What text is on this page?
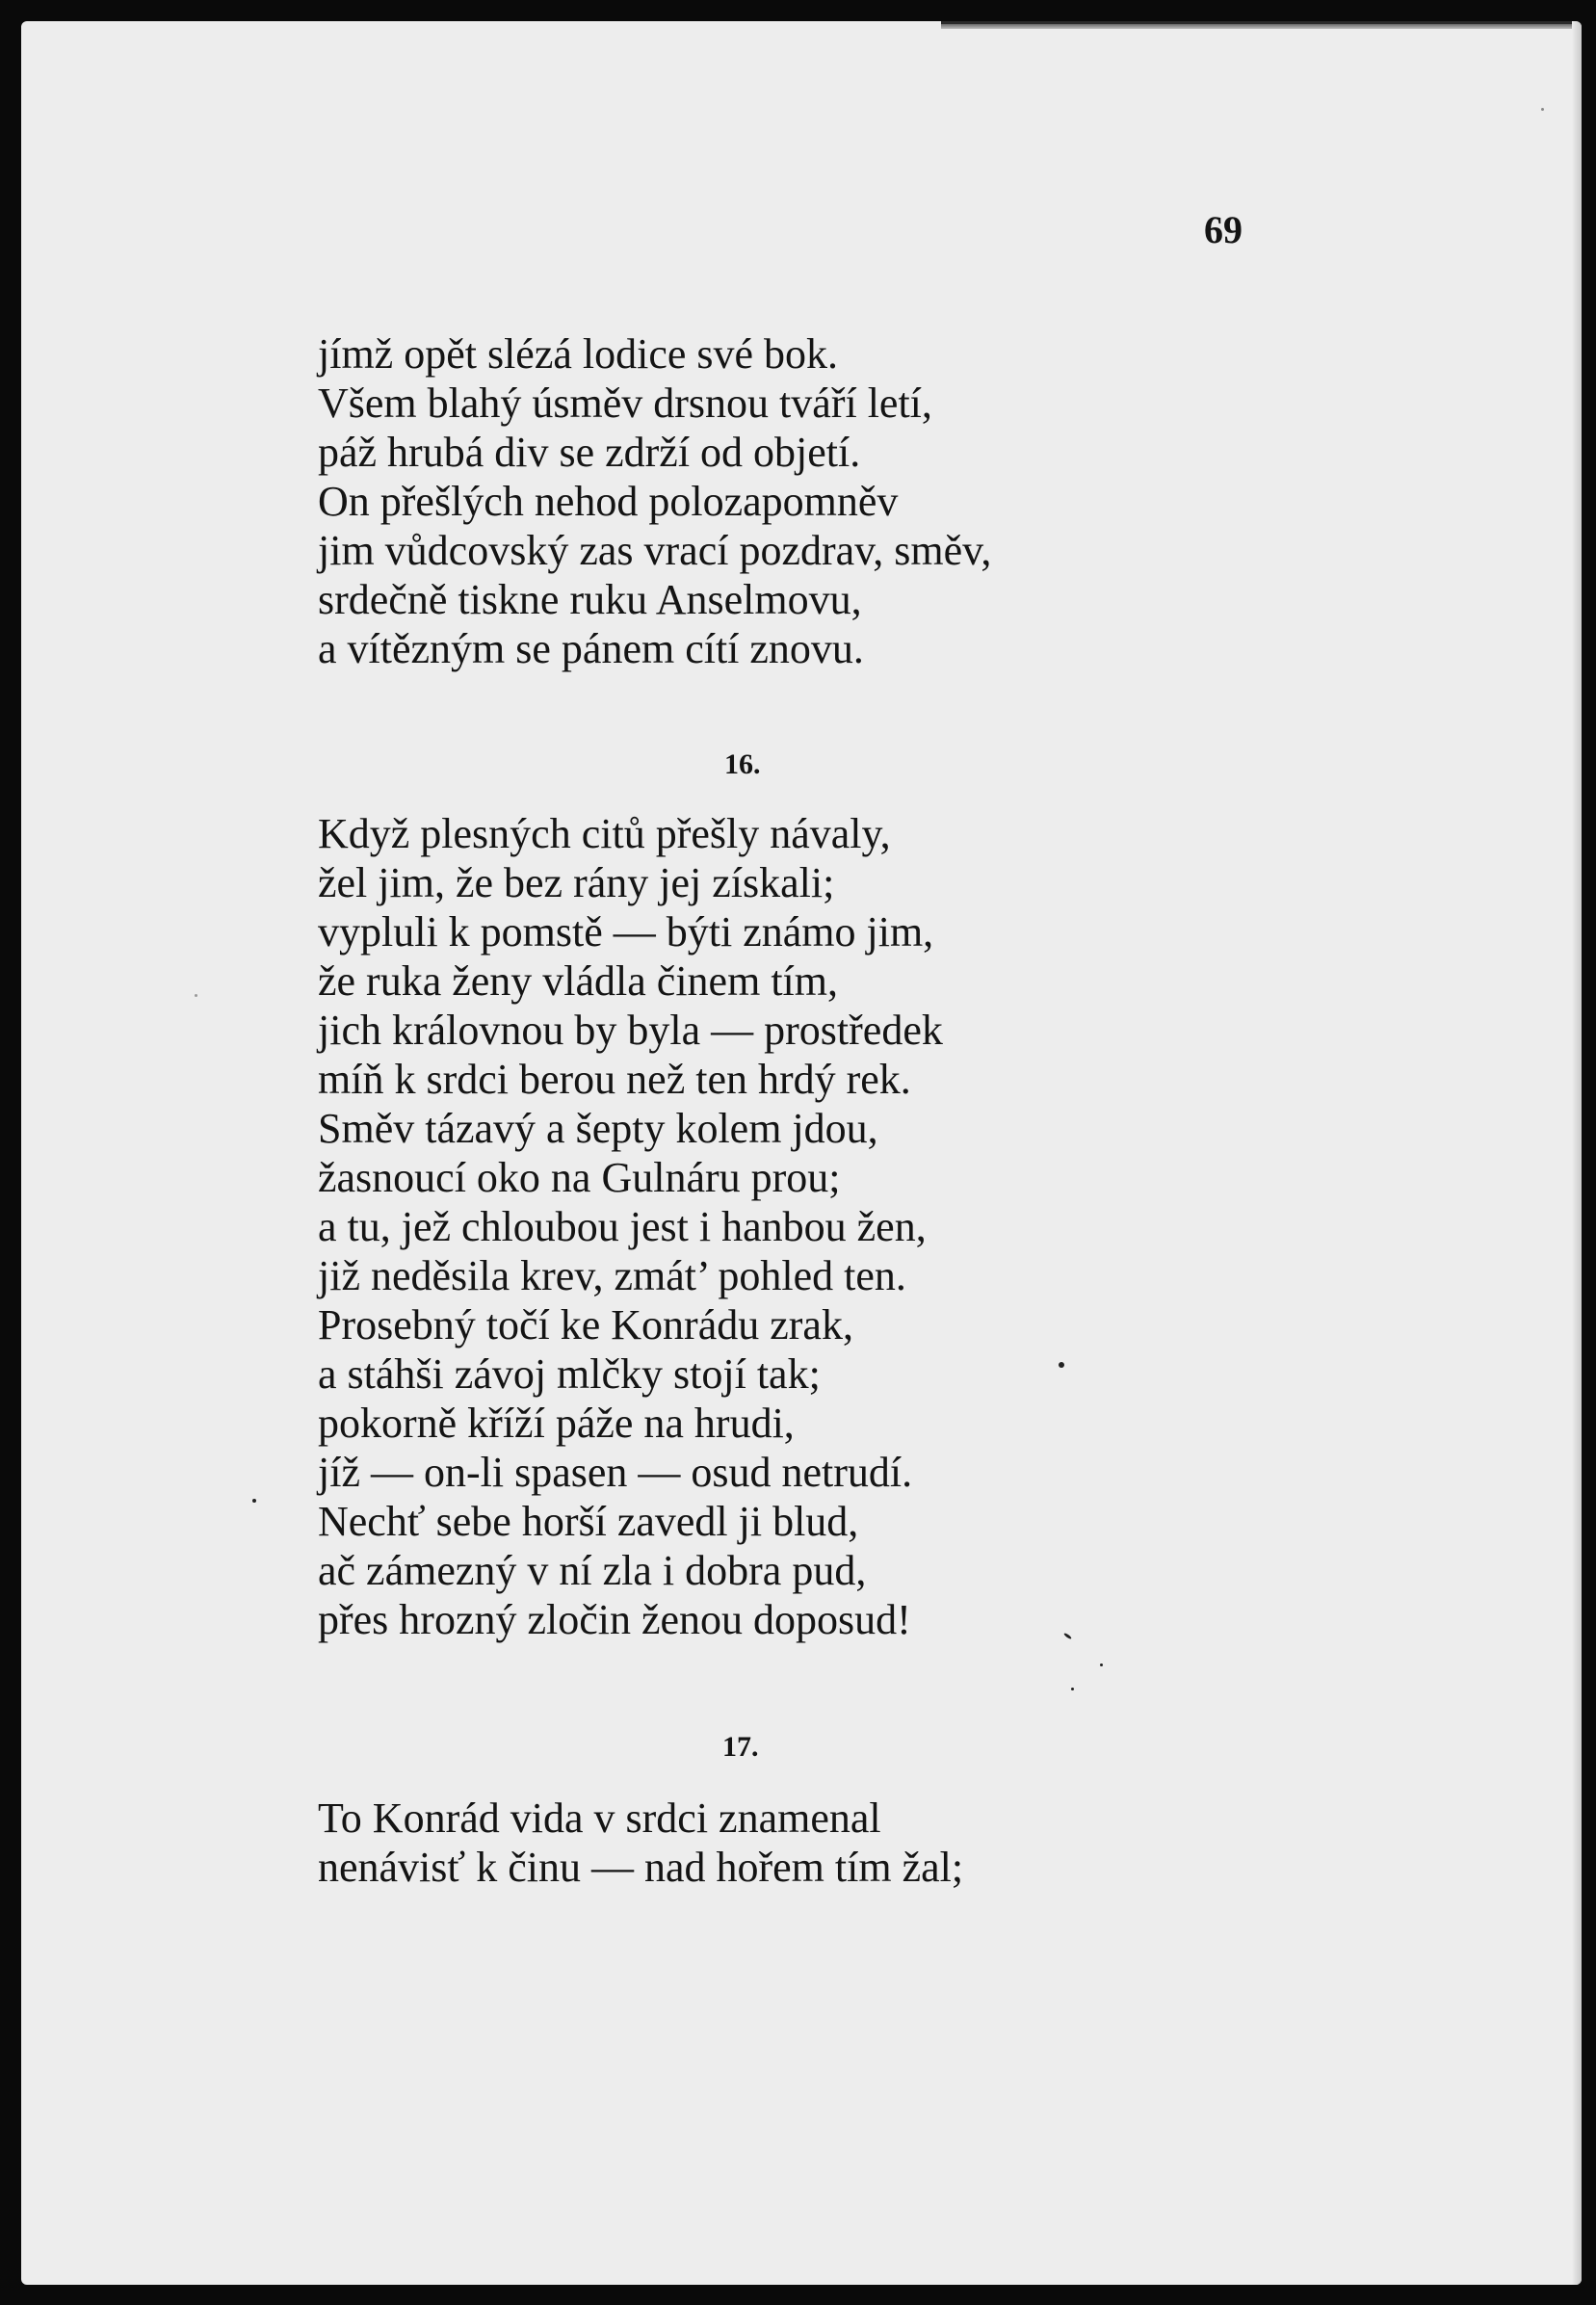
69

jímž opět slézá lodice své bok.
Všem blahý úsměv drsnou tváří letí,
páž hrubá div se zdrží od objetí.
On přešlých nehod polozapomněv
jim vůdcovský zas vrací pozdrav, směv,
srdečně tiskne ruku Anselmovu,
a vítězným se pánem cítí znovu.

16.

Když plesných citů přešly návaly,
žel jim, že bez rány jej získali;
vypluli k pomstě — býti známo jim,
že ruka ženy vládla činem tím,
jich královnou by byla — prostředek
míň k srdci berou než ten hrdý rek.
Směv tázavý a šepty kolem jdou,
žasnoucí oko na Gulnáru prou;
a tu, jež chloubou jest i hanbou žen,
již neděsila krev, zmát’ pohled ten.
Prosebný točí ke Konrádu zrak,
a stáhši závoj mlčky stojí tak;
pokorně kříží páže na hrudi,
jíž — on-li spasen — osud netrudí.
Nechť sebe horší zavedl ji blud,
ač zámezný v ní zla i dobra pud,
přes hrozný zločin ženou doposud!

17.

To Konrád vida v srdci znamenal
nenávisť k činu — nad hořem tím žal;
